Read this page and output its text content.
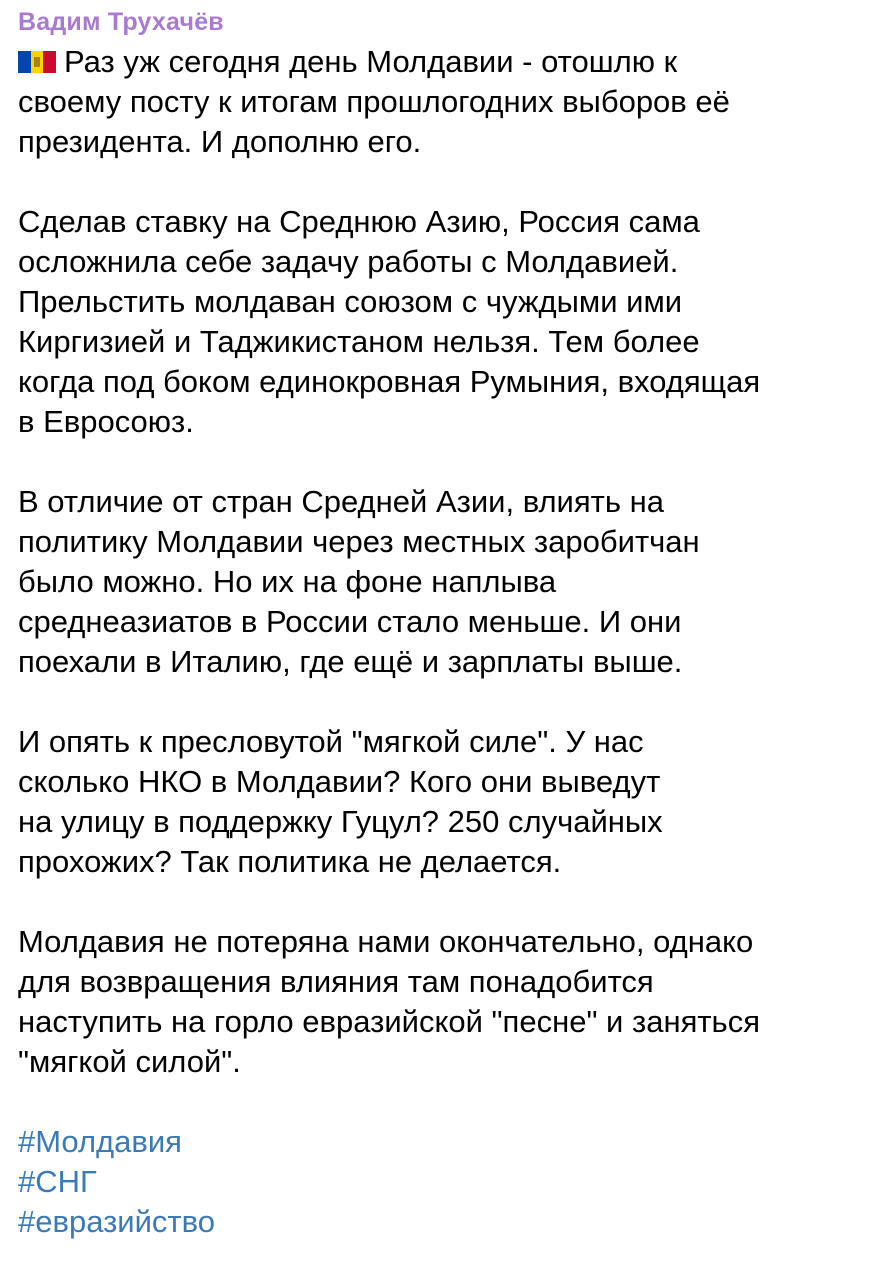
Вадим Трухачёв
Раз уж сегодня день Молдавии - отошлю к
своему посту к итогам прошлогодних выборов её
президента. И дополню его.
Сделав ставку на Среднюю Азию, Россия сама
осложнила себе задачу работы с Молдавией.
Прельстить молдаван союзом с чуждыми ими
Киргизией и Таджикистаном нельзя. Тем более
когда под боком единокровная Румыния, входящая
в Евросоюз.
В отличие от стран Средней Азии, влиять на
политику Молдавии через местных заробитчан
было можно. Но их на фоне наплыва
среднеазиатов в России стало меньше. И они
поехали в Италию, где ещё и зарплаты выше.
И опять к пресловутой "мягкой силе". У нас
сколько НКО в Молдавии? Кого они выведут
на улицу в поддержку Гуцул? 250 случайных
прохожих? Так политика не делается.
Молдавия не потеряна нами окончательно, однако
для возвращения влияния там понадобится
наступить на горло евразийской "песне" и заняться
"мягкой силой".
#Молдавия
#СНГ
#евразийство
